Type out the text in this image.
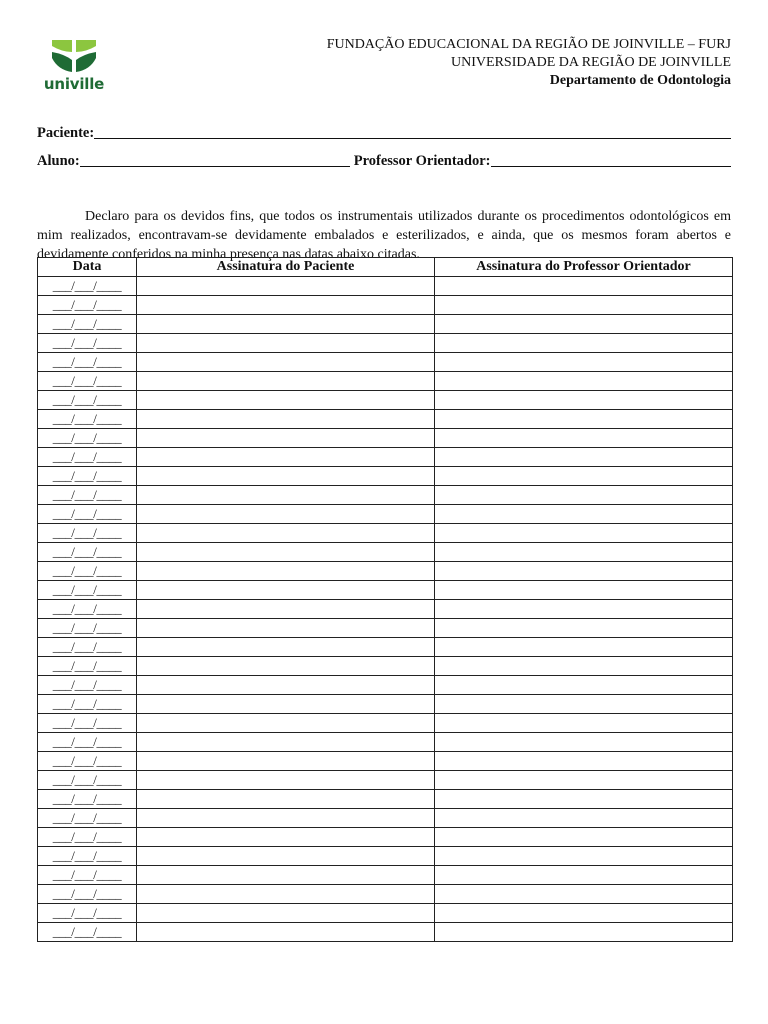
univille
FUNDAÇÃO EDUCACIONAL DA REGIÃO DE JOINVILLE – FURJ
UNIVERSIDADE DA REGIÃO DE JOINVILLE
Departamento de Odontologia
Paciente:
Aluno:	Professor Orientador:

Declaro para os devidos fins, que todos os instrumentais utilizados durante os procedimentos odontológicos em mim realizados, encontravam-se devidamente embalados e esterilizados, e ainda, que os mesmos foram abertos e devidamente conferidos na minha presença nas datas abaixo citadas.

Data	Assinatura do Paciente	Assinatura do Professor Orientador
___/___/____		
___/___/____		
___/___/____		
___/___/____		
___/___/____		
___/___/____		
___/___/____		
___/___/____		
___/___/____		
___/___/____		
___/___/____		
___/___/____		
___/___/____		
___/___/____		
___/___/____		
___/___/____		
___/___/____		
___/___/____		
___/___/____		
___/___/____		
___/___/____		
___/___/____		
___/___/____		
___/___/____		
___/___/____		
___/___/____		
___/___/____		
___/___/____		
___/___/____		
___/___/____		
___/___/____		
___/___/____		
___/___/____		
___/___/____		
___/___/____		
